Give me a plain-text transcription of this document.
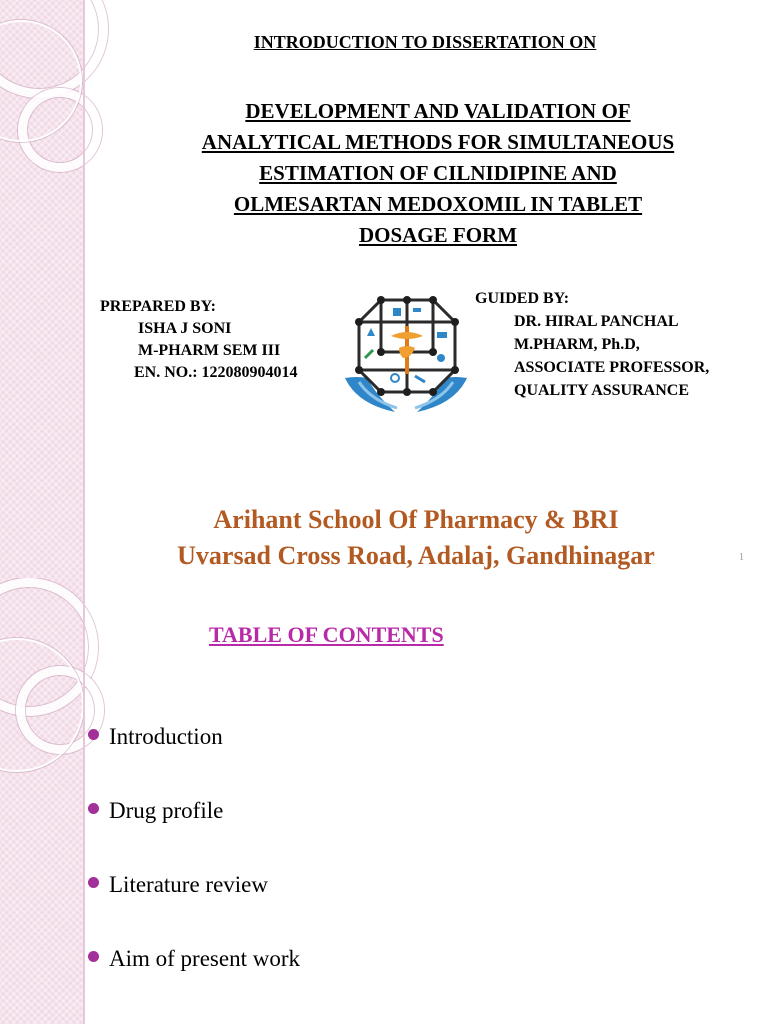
INTRODUCTION TO DISSERTATION ON
DEVELOPMENT AND VALIDATION OF
ANALYTICAL METHODS FOR SIMULTANEOUS
ESTIMATION OF CILNIDIPINE AND
OLMESARTAN MEDOXOMIL IN TABLET
DOSAGE FORM
PREPARED BY:
ISHA J SONI
M-PHARM SEM III
EN. NO.: 122080904014
GUIDED BY:
DR. HIRAL PANCHAL
M.PHARM, Ph.D,
ASSOCIATE PROFESSOR,
QUALITY ASSURANCE
Arihant School Of Pharmacy & BRI
Uvarsad Cross Road, Adalaj, Gandhinagar	1
TABLE OF CONTENTS
Introduction
Drug profile
Literature review
Aim of present work
